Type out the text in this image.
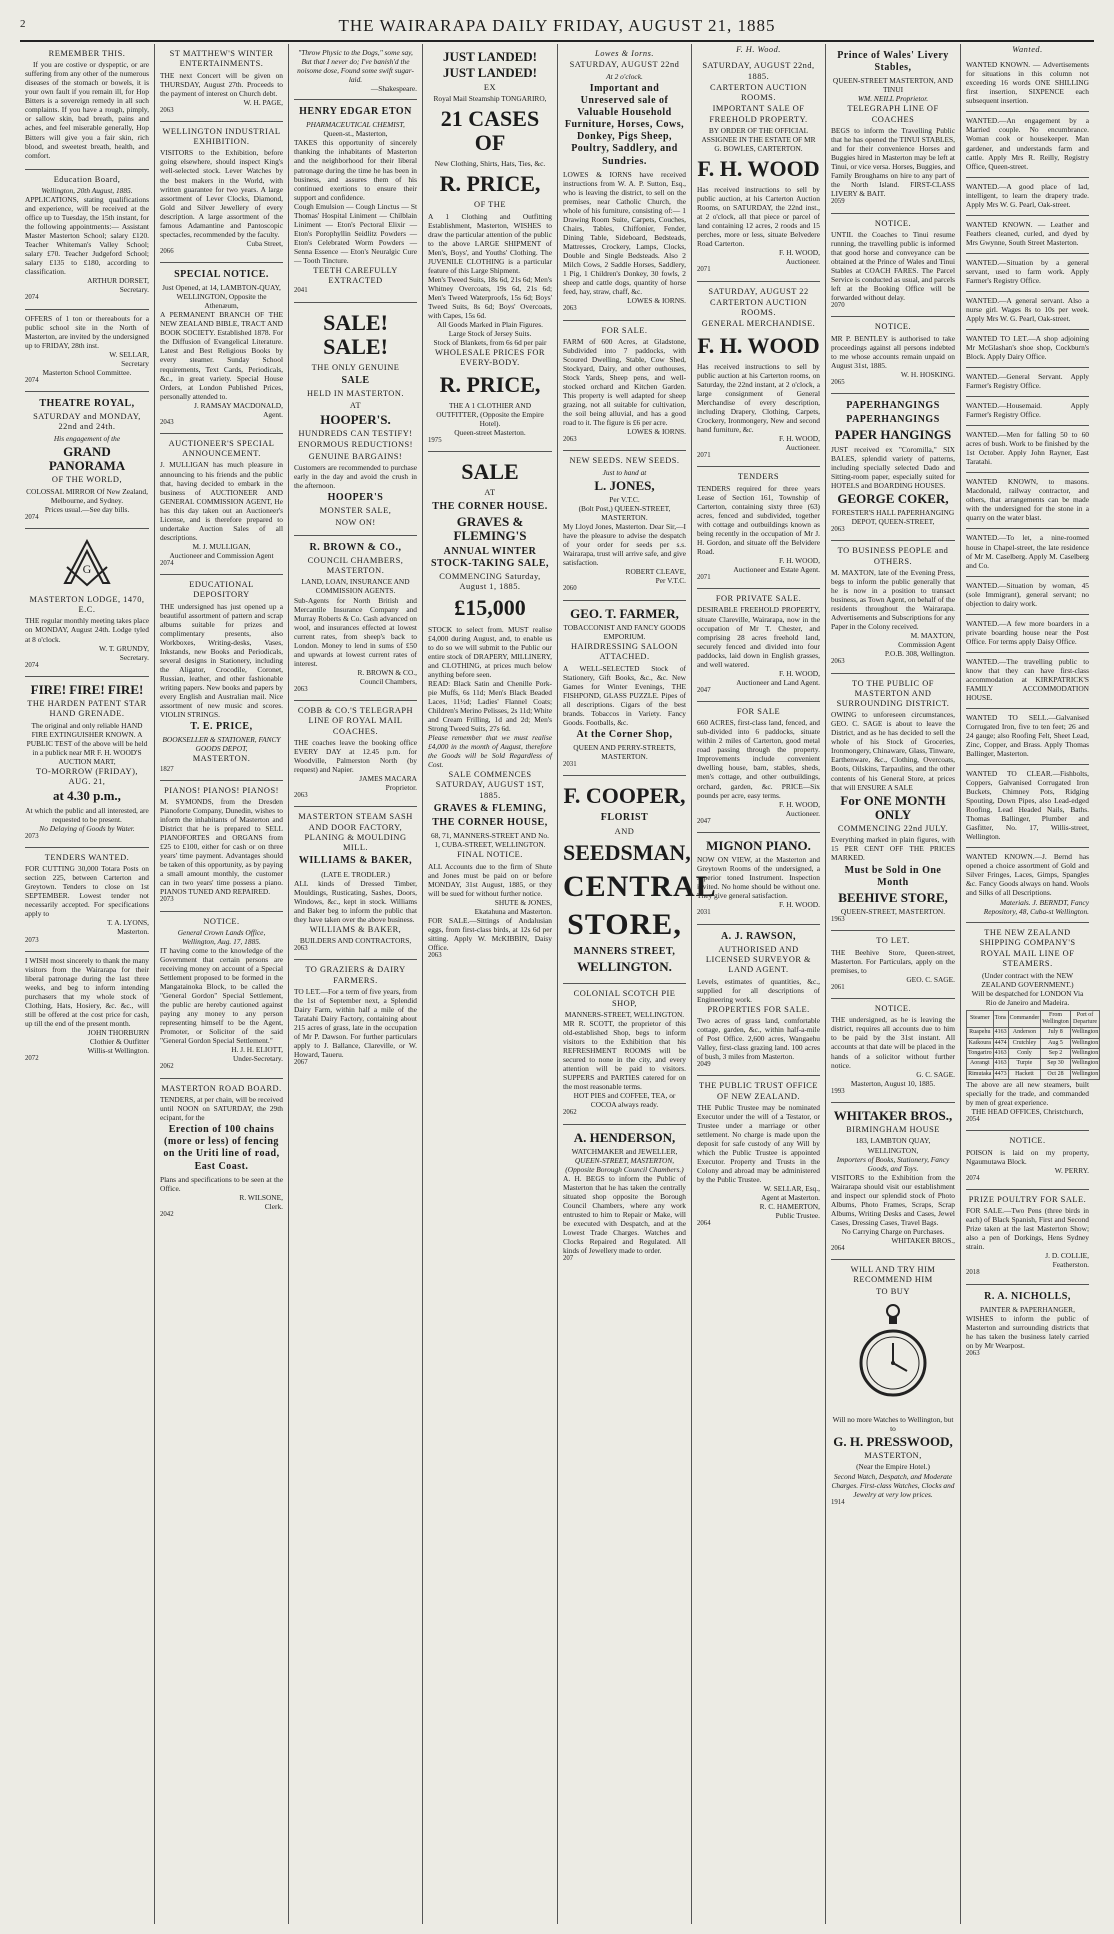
2	THE WAIRARAPA DAILY FRIDAY, AUGUST 21, 1885
REMEMBER THIS.

If you are costive or dyspeptic, or are suffering from any other of the numerous diseases of the stomach or bowels, it is your own fault if you remain ill, for Hop Bitters is a sovereign remedy in all such complaints. If you have a rough, pimply, or sallow skin, bad breath, pains and aches, and feel miserable generally, Hop Bitters will give you a fair skin, rich blood, and sweetest breath, health, and comfort.

Education Board,
Wellington, 20th August, 1885.
APPLICATIONS, stating qualifications and experience, will be received at the office up to Tuesday, the 15th instant, for the following appointments:— Assistant Master Masterton School; salary £120. Teacher Whiteman's Valley School; salary £70. Teacher Judgeford School; salary £135 to £180, according to classification.
ARTHUR DORSET,
Secretary.
2074
OFFERS of 1 ton or thereabouts for a public school site in the North of Masterton, are invited by the undersigned up to FRIDAY, 28th inst.
W. SELLAR,
Secretary
Masterton School Committee.
2074
THEATRE ROYAL,
SATURDAY and MONDAY, 22nd and 24th.
His engagement of the
GRAND PANORAMA
OF THE WORLD,
COLOSSAL MIRROR Of New Zealand, Melbourne, and Sydney.
Prices usual.—See day bills.
2074
G
MASTERTON LODGE, 1470, E.C.
THE regular monthly meeting takes place on MONDAY, August 24th. Lodge tyled at 8 o'clock.
W. T. GRUNDY,
Secretary.
2074
FIRE! FIRE! FIRE!
THE HARDEN PATENT STAR HAND GRENADE.
The original and only reliable HAND FIRE EXTINGUISHER KNOWN. A PUBLIC TEST of the above will be held in a publick near MR F. H. WOOD'S AUCTION MART,
TO-MORROW (FRIDAY), AUG. 21,
at 4.30 p.m.,
At which the public and all interested, are requested to be present.
No Delaying of Goods by Water.
2073
TENDERS WANTED.
FOR CUTTING 30,000 Totara Posts on section 225, between Carterton and Greytown. Tenders to close on 1st SEPTEMBER. Lowest tender not necessarily accepted. For specifications apply to
T. A. LYONS,
Masterton.
2073
I WISH most sincerely to thank the many visitors from the Wairarapa for their liberal patronage during the last three weeks, and beg to inform intending purchasers that my whole stock of Clothing, Hats, Hosiery, &c. &c., will still be offered at the cost price for cash, up till the end of the present month.
JOHN THORBURN
Clothier & Outfitter
Willis-st Wellington.
2072
ST MATTHEW'S WINTER ENTERTAINMENTS.
THE next Concert will be given on THURSDAY, August 27th. Proceeds to the payment of interest on Church debt.
W. H. PAGE,
2063
WELLINGTON INDUSTRIAL EXHIBITION.
VISITORS to the Exhibition, before going elsewhere, should inspect King's well-selected stock. Lever Watches by the best makers in the World, with written guarantee for two years. A large assortment of Lever Clocks, Diamond, Gold and Silver Jewellery of every description. A large assortment of the famous Adamantine and Pantoscopic spectacles, recommended by the faculty.
Cuba Street,
2066
SPECIAL NOTICE.
Just Opened, at 14, LAMBTON-QUAY, WELLINGTON, Opposite the Athenæum,
A PERMANENT BRANCH OF THE NEW ZEALAND BIBLE, TRACT AND BOOK SOCIETY. Established 1878. For the Diffusion of Evangelical Literature. Latest and Best Religious Books by every steamer. Sunday School requirements, Text Cards, Periodicals, &c., in great variety. Special House Orders, at London Published Prices, personally attended to.
J. RAMSAY MACDONALD,
Agent.
2043
AUCTIONEER'S SPECIAL ANNOUNCEMENT.
J. MULLIGAN has much pleasure in announcing to his friends and the public that, having decided to embark in the business of AUCTIONEER AND GENERAL COMMISSION AGENT, He has this day taken out an Auctioneer's License, and is therefore prepared to undertake Auction Sales of all descriptions.
M. J. MULLIGAN,
Auctioneer and Commission Agent
2074
EDUCATIONAL DEPOSITORY
THE undersigned has just opened up a beautiful assortment of pattern and scrap albums suitable for prizes and complimentary presents, also Workboxes, Writing-desks, Vases, Inkstands, new Books and Periodicals, several designs in Stationery, including the Aligator, Crocodile, Coronet, Russian, leather, and other fashionable writing papers. New books and papers by every English and Australian mail. Nice assortment of new music and scores. VIOLIN STRINGS.
T. E. PRICE,
BOOKSELLER & STATIONER, FANCY GOODS DEPOT,
MASTERTON.
1827
PIANOS! PIANOS! PIANOS!
M. SYMONDS, from the Dresden Pianoforte Company, Dunedin, wishes to inform the inhabitants of Masterton and District that he is prepared to SELL PIANOFORTES and ORGANS from £25 to £100, either for cash or on three years' time payment. Advantages should be taken of this opportunity, as by paying a small amount monthly, the customer can in two years' time possess a piano. PIANOS TUNED AND REPAIRED.
2073
NOTICE.
General Crown Lands Office, Wellington, Aug. 17, 1885.
IT having come to the knowledge of the Government that certain persons are receiving money on account of a Special Settlement proposed to be formed in the Mangatainoka Block, to be called the "General Gordon" Special Settlement, the public are hereby cautioned against paying any money to any person representing himself to be the Agent, Promoter, or Solicitor of the said "General Gordon Special Settlement."
H. J. H. ELIOTT,
Under-Secretary.
2062
MASTERTON ROAD BOARD.
TENDERS, at per chain, will be received until NOON on SATURDAY, the 29th ecipant, for the
Erection of 100 chains (more or less) of fencing on the Uriti line of road, East Coast.
Plans and specifications to be seen at the Office.
R. WILSONE,
Clerk.
2042
"Throw Physic to the Dogs," some say, But that I never do; I've banish'd the noisome dose, Found some swift sugar-laid.
—Shakespeare.
HENRY EDGAR ETON
PHARMACEUTICAL CHEMIST,
Queen-st., Masterton,
TAKES this opportunity of sincerely thanking the inhabitants of Masterton and the neighborhood for their liberal patronage during the time he has been in business, and assures them of his continued exertions to ensure their support and confidence.
Cough Emulsion — Cough Linctus — St Thomas' Hospital Liniment — Chilblain Liniment — Eton's Pectoral Elixir — Eton's Porophyllin Seidlitz Powders — Eton's Celebrated Worm Powders — Senna Essence — Eton's Neuralgic Cure — Tooth Tincture.
TEETH CAREFULLY EXTRACTED
2041
SALE! SALE!
THE ONLY GENUINE
SALE
HELD IN MASTERTON.
AT
HOOPER'S.
HUNDREDS CAN TESTIFY!
ENORMOUS REDUCTIONS!
GENUINE BARGAINS!
Customers are recommended to purchase early in the day and avoid the crush in the afternoon.
HOOPER'S
MONSTER SALE,
NOW ON!
R. BROWN & CO.,
COUNCIL CHAMBERS, MASTERTON.
LAND, LOAN, INSURANCE AND COMMISSION AGENTS.
Sub-Agents for North British and Mercantile Insurance Company and Murray Roberts & Co. Cash advanced on wool, and insurances effected at lowest current rates, from sheep's back to London. Money to lend in sums of £50 and upwards at lowest current rates of interest.
R. BROWN & CO.,
Council Chambers,
2063
COBB & CO.'S TELEGRAPH LINE OF ROYAL MAIL COACHES.
THE coaches leave the booking office EVERY DAY at 12.45 p.m. for Woodville, Palmerston North (by request) and Napier.
JAMES MACARA
Proprietor.
2063
MASTERTON STEAM SASH AND DOOR FACTORY, PLANING & MOULDING MILL.
WILLIAMS & BAKER,
(LATE E. TRODLER.)
ALL kinds of Dressed Timber, Mouldings, Rusticating, Sashes, Doors, Windows, &c., kept in stock. Williams and Baker beg to inform the public that they have taken over the above business.
WILLIAMS & BAKER,
BUILDERS AND CONTRACTORS,
2063
TO GRAZIERS & DAIRY FARMERS.
TO LET.—For a term of five years, from the 1st of September next, a Splendid Dairy Farm, within half a mile of the Taratahi Dairy Factory, containing about 215 acres of grass, late in the occupation of Mr P. Dawson. For further particulars apply to J. Ballance, Clareville, or W. Howard, Taueru.
2067
JUST LANDED!
JUST LANDED!
EX
Royal Mail Steamship TONGARIRO,
21 CASES OF
New Clothing, Shirts, Hats, Ties, &c.
R. PRICE,
OF THE
A 1 Clothing and Outfitting Establishment, Masterton, WISHES to draw the particular attention of the public to the above LARGE SHIPMENT of Men's, Boys', and Youths' Clothing. The JUVENILE CLOTHING is a particular feature of this Large Shipment.
Men's Tweed Suits, 18s 6d, 21s 6d; Men's Whitney Overcoats, 19s 6d, 21s 6d; Men's Tweed Waterproofs, 15s 6d; Boys' Tweed Suits, 8s 6d; Boys' Overcoats, with Capes, 15s 6d.
All Goods Marked in Plain Figures.
Large Stock of Jersey Suits.
Stock of Blankets, from 6s 6d per pair
WHOLESALE PRICES FOR EVERY-BODY.
R. PRICE,
THE A 1 CLOTHIER AND OUTFITTER, (Opposite the Empire Hotel).
Queen-street Masterton.
1975
SALE
AT
THE CORNER HOUSE.
GRAVES & FLEMING'S
ANNUAL WINTER STOCK-TAKING SALE,
COMMENCING Saturday, August 1, 1885.
£15,000
STOCK to select from. MUST realise £4,000 during August, and, to enable us to do so we will submit to the Public our entire stock of DRAPERY, MILLINERY, and CLOTHING, at prices much below anything before seen.
READ: Black Satin and Chenille Pork-pie Muffs, 6s 11d; Men's Black Beaded Laces, 11½d; Ladies' Flannel Coats; Children's Merino Pelisses, 2s 11d; White and Cream Frilling, 1d and 2d; Men's Strong Tweed Suits, 27s 6d.
Please remember that we must realise £4,000 in the month of August, therefore the Goods will be Sold Regardless of Cost.
SALE COMMENCES SATURDAY, AUGUST 1ST, 1885.
GRAVES & FLEMING,
THE CORNER HOUSE,
68, 71, MANNERS-STREET AND No. 1, CUBA-STREET, WELLINGTON.
FINAL NOTICE.
ALL Accounts due to the firm of Shute and Jones must be paid on or before MONDAY, 31st August, 1885, or they will be sued for without further notice.
SHUTE & JONES,
Ekatahuna and Masterton.
FOR SALE.—Sittings of Andalusian eggs, from first-class birds, at 12s 6d per sitting. Apply W. McKIBBIN, Daisy Office.
2063
Lowes & Iorns.
SATURDAY, AUGUST 22nd
At 2 o'clock.
Important and Unreserved sale of Valuable Household Furniture, Horses, Cows, Donkey, Pigs Sheep, Poultry, Saddlery, and Sundries.
LOWES & IORNS have received instructions from W. A. P. Sutton, Esq., who is leaving the district, to sell on the premises, near Catholic Church, the whole of his furniture, consisting of:— 1 Drawing Room Suite, Carpets, Couches, Chairs, Tables, Chiffonier, Fender, Dining Table, Sideboard, Bedsteads, Mattresses, Crockery, Lamps, Clocks, Double and Single Bedsteads. Also 2 Milch Cows, 2 Saddle Horses, Saddlery, 1 Pig, 1 Children's Donkey, 30 fowls, 2 sheep and cattle dogs, quantity of horse feed, hay, straw, chaff, &c.
LOWES & IORNS.
2063
FOR SALE.
FARM of 600 Acres, at Gladstone, Subdivided into 7 paddocks, with Scoured Dwelling, Stable, Cow Shed, Stockyard, Dairy, and other outhouses, Stock Yards, Sheep pens, and well-stocked orchard and Kitchen Garden. This property is well adapted for sheep grazing, not all suitable for cultivation, the soil being alluvial, and has a good road to it. The figure is £6 per acre.
LOWES & IORNS.
2063
NEW SEEDS. NEW SEEDS.
Just to hand at
L. JONES,
Per V.T.C.
(Bolt Post,) QUEEN-STREET, MASTERTON.
My Lloyd Jones, Masterton. Dear Sir,—I have the pleasure to advise the despatch of your order for seeds per s.s. Wairarapa, trust will arrive safe, and give satisfaction.
ROBERT CLEAVE,
Per V.T.C.
2060
GEO. T. FARMER,
TOBACCONIST AND FANCY GOODS EMPORIUM.
HAIRDRESSING SALOON ATTACHED.
A WELL-SELECTED Stock of Stationery, Gift Books, &c., &c. New Games for Winter Evenings, THE FISHPOND, GLASS PUZZLE. Pipes of all descriptions. Cigars of the best brands. Tobaccos in Variety. Fancy Goods. Footballs, &c.
At the Corner Shop,
QUEEN AND PERRY-STREETS, MASTERTON.
2031
F. COOPER,
FLORIST
AND
SEEDSMAN,
CENTRAL
STORE,
MANNERS STREET,
WELLINGTON.
COLONIAL SCOTCH PIE SHOP,
MANNERS-STREET, WELLINGTON.
MR R. SCOTT, the proprietor of this old-established Shop, begs to inform visitors to the Exhibition that his REFRESHMENT ROOMS will be secured to none in the city, and every attention will be paid to visitors. SUPPERS and PARTIES catered for on the most reasonable terms.
HOT PIES and COFFEE, TEA, or COCOA always ready.
2062
A. HENDERSON,
WATCHMAKER and JEWELLER,
QUEEN-STREET, MASTERTON, (Opposite Borough Council Chambers.)
A. H. BEGS to inform the Public of Masterton that he has taken the centrally situated shop opposite the Borough Council Chambers, where any work entrusted to him to Repair or Make, will be executed with Despatch, and at the Lowest Trade Charges. Watches and Clocks Repaired and Regulated. All kinds of Jewellery made to order.
207
F. H. Wood.
SATURDAY, AUGUST 22nd, 1885.
CARTERTON AUCTION ROOMS.
IMPORTANT SALE OF FREEHOLD PROPERTY.
BY ORDER OF THE OFFICIAL ASSIGNEE IN THE ESTATE OF MR G. BOWLES, CARTERTON.
F. H. WOOD
Has received instructions to sell by public auction, at his Carterton Auction Rooms, on SATURDAY, the 22nd inst., at 2 o'clock, all that piece or parcel of land containing 12 acres, 2 roods and 15 perches, more or less, situate Belvedere Road Carterton.
F. H. WOOD,
Auctioneer.
2071
SATURDAY, AUGUST 22
CARTERTON AUCTION ROOMS.
GENERAL MERCHANDISE.
F. H. WOOD
Has received instructions to sell by public auction at his Carterton rooms, on Saturday, the 22nd instant, at 2 o'clock, a large consignment of General Merchandise of every description, including Drapery, Clothing, Carpets, Crockery, Ironmongery, New and second hand furniture, &c.
F. H. WOOD,
Auctioneer.
2071
TENDERS
TENDERS required for three years Lease of Section 161, Township of Carterton, containing sixty three (63) acres, fenced and subdivided, together with cottage and outbuildings known as being recently in the occupation of Mr J. H. Gordon, and situate off the Belvidere Road.
F. H. WOOD,
Auctioneer and Estate Agent.
2071
FOR PRIVATE SALE.
DESIRABLE FREEHOLD PROPERTY, situate Clareville, Wairarapa, now in the occupation of Mr T. Chester, and comprising 28 acres freehold land, securely fenced and divided into four paddocks, laid down in English grasses, and well watered.
F. H. WOOD,
Auctioneer and Land Agent.
2047
FOR SALE
660 ACRES, first-class land, fenced, and sub-divided into 6 paddocks, situate within 2 miles of Carterton, good metal road passing through the property. Improvements include convenient dwelling house, barn, stables, sheds, men's cottage, and other outbuildings, orchard, garden, &c. PRICE—Six pounds per acre, easy terms.
F. H. WOOD,
Auctioneer.
2047
MIGNON PIANO.
NOW ON VIEW, at the Masterton and Greytown Rooms of the undersigned, a superior toned Instrument. Inspection invited. No home should be without one. They give general satisfaction.
F. H. WOOD.
2031
A. J. RAWSON,
AUTHORISED AND LICENSED SURVEYOR & LAND AGENT.
Levels, estimates of quantities, &c., supplied for all descriptions of Engineering work.
PROPERTIES FOR SALE.
Two acres of grass land, comfortable cottage, garden, &c., within half-a-mile of Post Office. 2,600 acres, Wangaehu Valley, first-class grazing land. 100 acres of bush, 3 miles from Masterton.
2049
THE PUBLIC TRUST OFFICE OF NEW ZEALAND.
THE Public Trustee may be nominated Executor under the will of a Testator, or Trustee under a marriage or other settlement. No charge is made upon the deposit for safe custody of any Will by which the Public Trustee is appointed Executor. Property and Trusts in the Colony and abroad may be administered by the Public Trustee.
W. SELLAR, Esq.,
Agent at Masterton.
R. C. HAMERTON,
Public Trustee.
2064
Prince of Wales' Livery Stables,
QUEEN-STREET MASTERTON, AND TINUI
WM. NEILL Proprietor.
TELEGRAPH LINE OF COACHES
BEGS to inform the Travelling Public that he has opened the TINUI STABLES, and for their convenience Horses and Buggies hired in Masterton may be left at Tinui, or vice versa. Horses, Buggies, and Family Broughams on hire to any part of the North Island. FIRST-CLASS LIVERY & BAIT.
2059
NOTICE.
UNTIL the Coaches to Tinui resume running, the travelling public is informed that good horse and conveyance can be obtained at the Prince of Wales and Tinui Stables at COACH FARES. The Parcel Service is conducted as usual, and parcels left at the Booking Office will be forwarded without delay.
2070
NOTICE.
MR P. BENTLEY is authorised to take proceedings against all persons indebted to me whose accounts remain unpaid on August 31st, 1885.
W. H. HOSKING.
2065
PAPERHANGINGS
PAPERHANGINGS
PAPER HANGINGS
JUST received ex "Coromilla," SIX BALES, splendid variety of patterns, including specially selected Dado and Sitting-room paper, especially suited for HOTELS and BOARDING HOUSES.
GEORGE COKER,
FORESTER'S HALL PAPERHANGING DEPOT, QUEEN-STREET,
2063
TO BUSINESS PEOPLE and OTHERS.
M. MAXTON, late of the Evening Press, begs to inform the public generally that he is now in a position to transact business, as Town Agent, on behalf of the residents throughout the Wairarapa. Advertisements and Subscriptions for any Paper in the Colony received.
M. MAXTON,
Commission Agent
P.O.B. 308, Wellington.
2063
TO THE PUBLIC OF MASTERTON AND SURROUNDING DISTRICT.
OWING to unforeseen circumstances, GEO. C. SAGE is about to leave the District, and as he has decided to sell the whole of his Stock of Groceries, Ironmongery, Chinaware, Glass, Tinware, Earthenware, &c., Clothing, Overcoats, Boots, Oilskins, Tarpaulins, and the other contents of his General Store, at prices that will ENSURE A SALE
For ONE MONTH ONLY
COMMENCING 22nd JULY.
Everything marked in plain figures, with 15 PER CENT OFF THE PRICES MARKED.
Must be Sold in One Month
BEEHIVE STORE,
QUEEN-STREET, MASTERTON.
1963
TO LET.
THE Beehive Store, Queen-street, Masterton. For Particulars, apply on the premises, to
GEO. C. SAGE.
2061
NOTICE.
THE undersigned, as he is leaving the district, requires all accounts due to him to be paid by the 31st instant. All accounts at that date will be placed in the hands of a solicitor without further notice.
G. C. SAGE.
Masterton, August 10, 1885.
1993
WHITAKER BROS.,
BIRMINGHAM HOUSE
183, LAMBTON QUAY, WELLINGTON,
Importers of Books, Stationery, Fancy Goods, and Toys.
VISITORS to the Exhibition from the Wairarapa should visit our establishment and inspect our splendid stock of Photo Albums, Photo Frames, Scraps, Scrap Albums, Writing Desks and Cases, Jewel Cases, Dressing Cases, Travel Bags.
No Carrying Charge on Purchases.
WHITAKER BROS.,
2064
WILL AND TRY HIM RECOMMEND HIM
TO BUY
Will no more Watches to Wellington, but to
G. H. PRESSWOOD,
MASTERTON,
(Near the Empire Hotel.)
Second Watch, Despatch, and Moderate Charges. First-class Watches, Clocks and Jewelry at very low prices.
1914
Wanted.
WANTED KNOWN. — Advertisements for situations in this column not exceeding 16 words ONE SHILLING first insertion, SIXPENCE each subsequent insertion.
WANTED.—An engagement by a Married couple. No encumbrance. Woman cook or housekeeper. Man gardener, and understands farm and cattle. Apply Mrs R. Reilly, Registry Office, Queen-street.
WANTED.—A good place of lad, intelligent, to learn the drapery trade. Apply Mrs W. G. Pearl, Oak-street.
WANTED KNOWN. — Leather and Feathers cleaned, curled, and dyed by Mrs Gwynne, South Street Masterton.
WANTED.—Situation by a general servant, used to farm work. Apply Farmer's Registry Office.
WANTED.—A general servant. Also a nurse girl. Wages 8s to 10s per week. Apply Mrs W. G. Pearl, Oak-street.
WANTED TO LET.—A shop adjoining Mr McGlashan's shoe shop, Cockburn's Block. Apply Dairy Office.
WANTED.—General Servant. Apply Farmer's Registry Office.
WANTED.—Housemaid. Apply Farmer's Registry Office.
WANTED.—Men for falling 50 to 60 acres of bush. Work to be finished by the 1st October. Apply John Rayner, East Taratahi.
WANTED KNOWN, to masons. Macdonald, railway contractor, and others, that arrangements can be made with the undersigned for the stone in a quarry on the water blast.
WANTED.—To let, a nine-roomed house in Chapel-street, the late residence of Mr M. Caselberg. Apply M. Caselberg and Co.
WANTED.—Situation by woman, 45 (sole Immigrant), general servant; no objection to dairy work.
WANTED.—A few more boarders in a private boarding house near the Post Office. For terms apply Daisy Office.
WANTED.—The travelling public to know that they can have first-class accommodation at KIRKPATRICK'S FAMILY ACCOMMODATION HOUSE.
WANTED TO SELL.—Galvanised Corrugated Iron, five to ten feet; 26 and 24 gauge; also Roofing Felt, Sheet Lead, Zinc, Copper, and Brass. Apply Thomas Ballinger, Masterton.
WANTED TO CLEAR.—Fishbolts, Coppers, Galvanised Corrugated Iron Buckets, Chimney Pots, Ridging Spouting, Down Pipes, also Lead-edged Roofing, Lead Headed Nails, Baths. Thomas Ballinger, Plumber and Gasfitter, No. 17, Willis-street, Wellington.
WANTED KNOWN.—J. Bernd has opened a choice assortment of Gold and Silver Fringes, Laces, Gimps, Spangles &c. Fancy Goods always on hand. Wools and Silks of all Descriptions.
Materials. J. BERNDT, Fancy Repository, 48, Cuba-st Wellington.
THE NEW ZEALAND SHIPPING COMPANY'S
ROYAL MAIL LINE OF STEAMERS.
(Under contract with the NEW ZEALAND GOVERNMENT.)
Will be despatched for LONDON Via Rio de Janeiro and Madeira.
Steamer	Tons	Commander	From Wellington	Port of Departure
Ruapehu	4163	Anderson	July 8	Wellington
Kaikoura	4474	Crutchley	Aug 5	Wellington
Tongariro	4163	Conly	Sep 2	Wellington
Aorangi	4163	Turpie	Sep 30	Wellington
Rimutaka	4473	Hackett	Oct 28	Wellington
The above are all new steamers, built specially for the trade, and commanded by men of great experience.
THE HEAD OFFICES, Christchurch,
2054
NOTICE.
POISON is laid on my property, Ngaumutawa Block.
W. PERRY.
2074
PRIZE POULTRY FOR SALE.
FOR SALE.—Two Pens (three birds in each) of Black Spanish, First and Second Prize taken at the last Masterton Show; also a pen of Dorkings, Hens Sydney strain.
J. D. COLLIE,
Featherston.
2018
R. A. NICHOLLS,
PAINTER & PAPERHANGER,
WISHES to inform the public of Masterton and surrounding districts that he has taken the business lately carried on by Mr Wearpost.
2063
